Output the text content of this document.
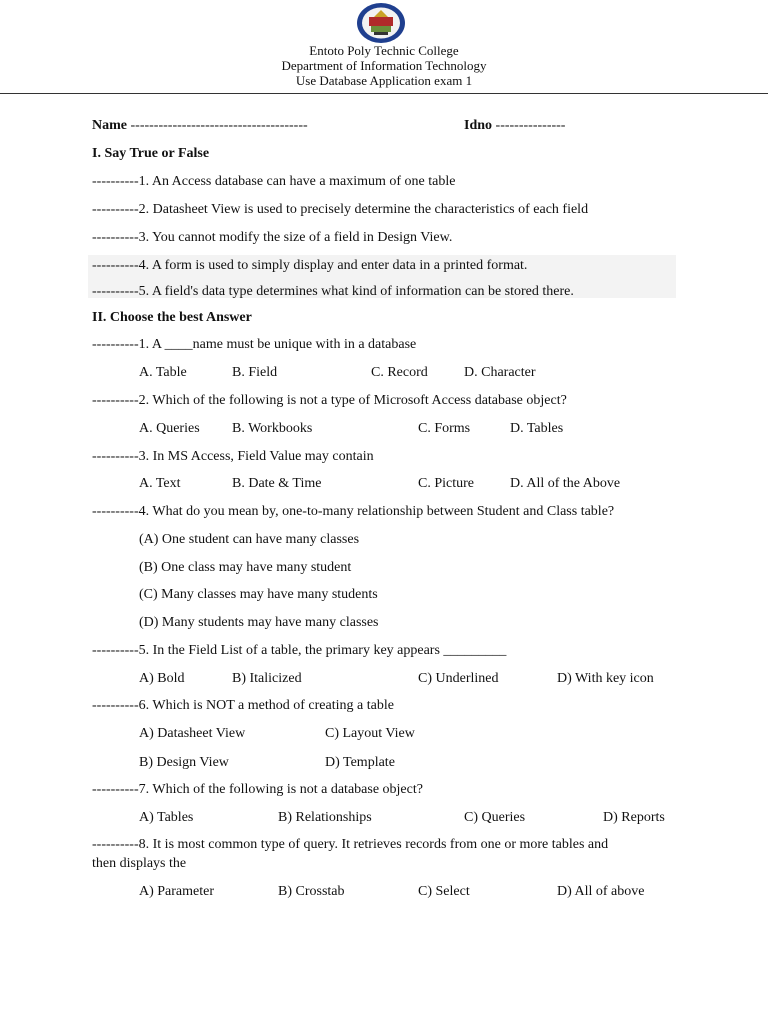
Entoto Poly Technic College
Department of Information Technology
Use Database Application exam 1
Name --------------------------------------	Idno ---------------
I. Say True or False
----------1. An Access database can have a maximum of one table
----------2. Datasheet View is used to precisely determine the characteristics of each field
----------3. You cannot modify the size of a field in Design View.
----------4. A form is used to simply display and enter data in a printed format.
----------5. A field's data type determines what kind of information can be stored there.
II. Choose the best Answer
----------1. A ____name must be unique with in a database
A. Table	B. Field	C. Record	D. Character
----------2. Which of the following is not a type of Microsoft Access database object?
A. Queries B. Workbooks	C. Forms	D. Tables
----------3. In MS Access, Field Value may contain
A. Text	B. Date & Time	C. Picture	D. All of the Above
----------4. What do you mean by, one-to-many relationship between Student and Class table?
(A) One student can have many classes
(B) One class may have many student
(C) Many classes may have many students
(D) Many students may have many classes
----------5. In the Field List of a table, the primary key appears _________
A) Bold	B) Italicized	C) Underlined	D) With key icon
----------6. Which is NOT a method of creating a table
A) Datasheet View	C) Layout View
B) Design View	D) Template
----------7. Which of the following is not a database object?
A) Tables	B) Relationships	C) Queries	D) Reports
----------8. It is most common type of query. It retrieves records from one or more tables and
then displays the
A) Parameter	B) Crosstab	C) Select	D) All of above
